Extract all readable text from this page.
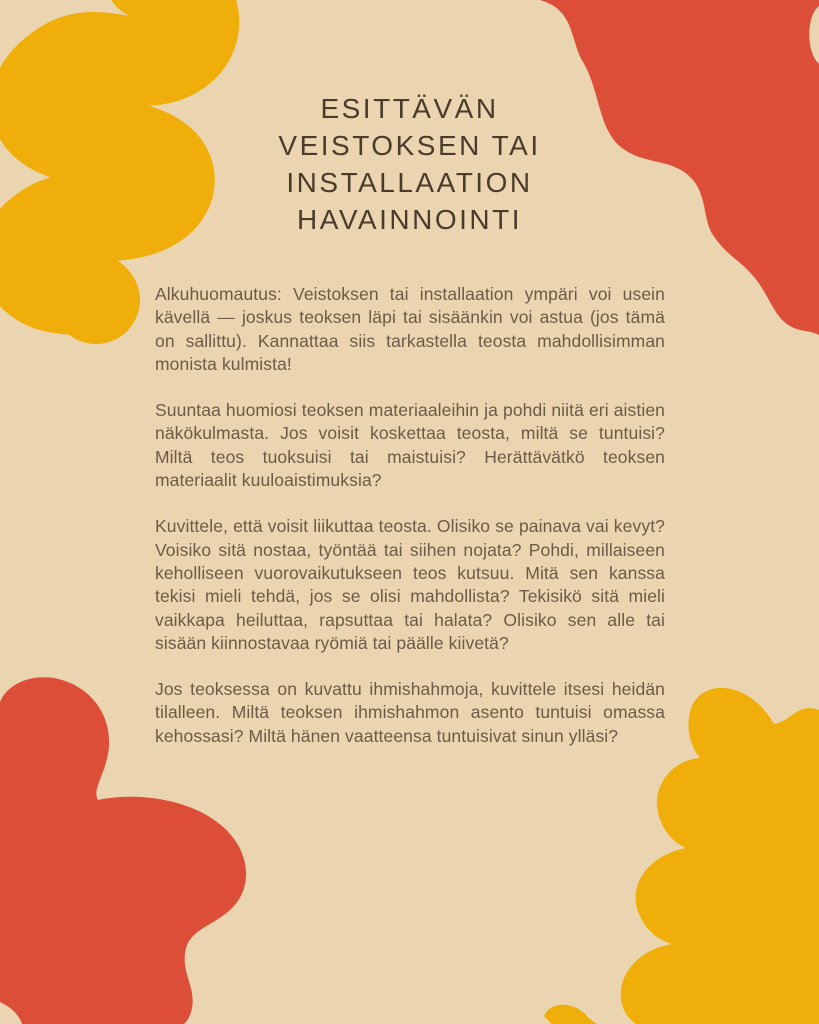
ESITTÄVÄN
VEISTOKSEN TAI
INSTALLAATION
HAVAINNOINTI

Alkuhuomautus: Veistoksen tai installaation ympäri voi usein kävellä — joskus teoksen läpi tai sisäänkin voi astua (jos tämä on sallittu). Kannattaa siis tarkastella teosta mahdollisimman monista kulmista!

Suuntaa huomiosi teoksen materiaaleihin ja pohdi niitä eri aistien näkökulmasta. Jos voisit koskettaa teosta, miltä se tuntuisi? Miltä teos tuoksuisi tai maistuisi? Herättävätkö teoksen materiaalit kuuloaistimuksia?

Kuvittele, että voisit liikuttaa teosta. Olisiko se painava vai kevyt? Voisiko sitä nostaa, työntää tai siihen nojata? Pohdi, millaiseen keholliseen vuorovaikutukseen teos kutsuu. Mitä sen kanssa tekisi mieli tehdä, jos se olisi mahdollista? Tekisikö sitä mieli vaikkapa heiluttaa, rapsuttaa tai halata? Olisiko sen alle tai sisään kiinnostavaa ryömiä tai päälle kiivetä?

Jos teoksessa on kuvattu ihmishahmoja, kuvittele itsesi heidän tilalleen. Miltä teoksen ihmishahmon asento tuntuisi omassa kehossasi? Miltä hänen vaatteensa tuntuisivat sinun ylläsi?
